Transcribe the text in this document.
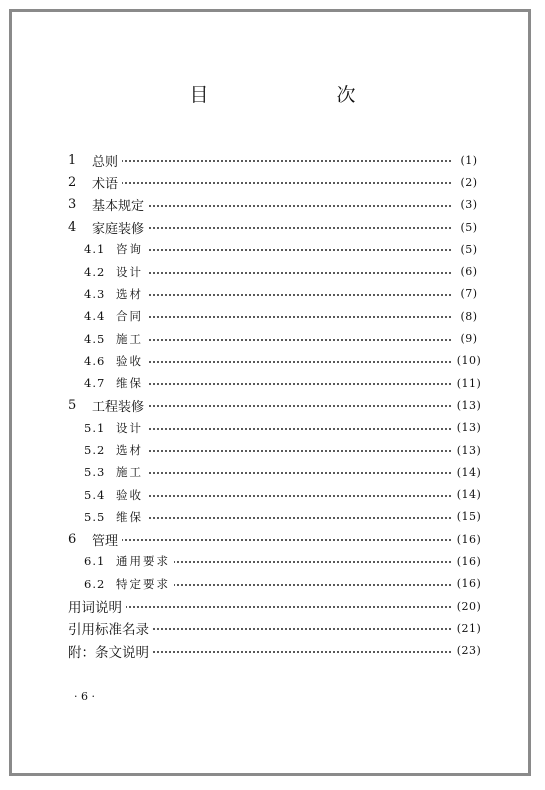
目　　次
1	总则	(1)
2	术语	(2)
3	基本规定	(3)
4	家庭装修	(5)
4.1 咨询	(5)
4.2 设计	(6)
4.3 选材	(7)
4.4 合同	(8)
4.5 施工	(9)
4.6 验收	(10)
4.7 维保	(11)
5	工程装修	(13)
5.1 设计	(13)
5.2 选材	(13)
5.3 施工	(14)
5.4 验收	(14)
5.5 维保	(15)
6	管理	(16)
6.1 通用要求	(16)
6.2 特定要求	(16)
用词说明	(20)
引用标准名录	(21)
附：条文说明	(23)
· 6 ·
